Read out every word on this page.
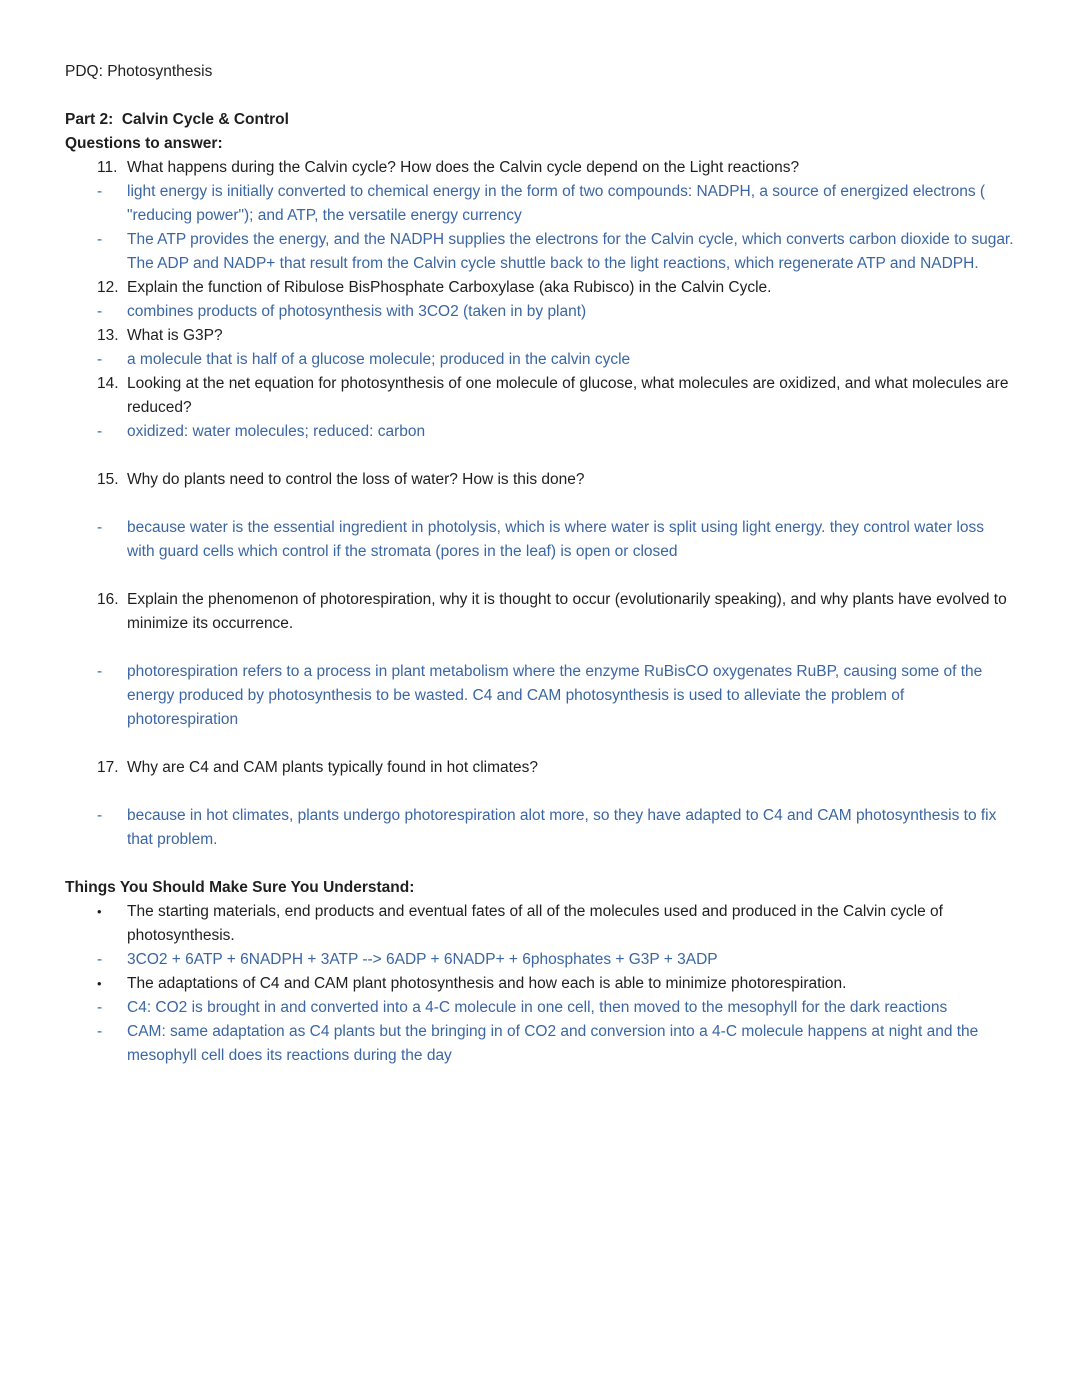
PDQ: Photosynthesis
Part 2:  Calvin Cycle & Control
Questions to answer:
11. What happens during the Calvin cycle? How does the Calvin cycle depend on the Light reactions?
-	light energy is initially converted to chemical energy in the form of two compounds: NADPH, a source of energized electrons ( "reducing power"); and ATP, the versatile energy currency
-	The ATP provides the energy, and the NADPH supplies the electrons for the Calvin cycle, which converts carbon dioxide to sugar. The ADP and NADP+ that result from the Calvin cycle shuttle back to the light reactions, which regenerate ATP and NADPH.
12. Explain the function of Ribulose BisPhosphate Carboxylase (aka Rubisco) in the Calvin Cycle.
-	combines products of photosynthesis with 3CO2 (taken in by plant)
13. What is G3P?
-	a molecule that is half of a glucose molecule; produced in the calvin cycle
14. Looking at the net equation for photosynthesis of one molecule of glucose, what molecules are oxidized, and what molecules are reduced?
-	oxidized: water molecules; reduced: carbon
15. Why do plants need to control the loss of water? How is this done?
-	because water is the essential ingredient in photolysis, which is where water is split using light energy. they control water loss with guard cells which control if the stromata (pores in the leaf) is open or closed
16. Explain the phenomenon of photorespiration, why it is thought to occur (evolutionarily speaking), and why plants have evolved to minimize its occurrence.
-	photorespiration refers to a process in plant metabolism where the enzyme RuBisCO oxygenates RuBP, causing some of the energy produced by photosynthesis to be wasted. C4 and CAM photosynthesis is used to alleviate the problem of photorespiration
17. Why are C4 and CAM plants typically found in hot climates?
-	because in hot climates, plants undergo photorespiration alot more, so they have adapted to C4 and CAM photosynthesis to fix that problem.
Things You Should Make Sure You Understand:
•	The starting materials, end products and eventual fates of all of the molecules used and produced in the Calvin cycle of photosynthesis.
-	3CO2 + 6ATP + 6NADPH + 3ATP --> 6ADP + 6NADP+ + 6phosphates + G3P + 3ADP
•	The adaptations of C4 and CAM plant photosynthesis and how each is able to minimize photorespiration.
-	C4: CO2 is brought in and converted into a 4-C molecule in one cell, then moved to the mesophyll for the dark reactions
-	CAM: same adaptation as C4 plants but the bringing in of CO2 and conversion into a 4-C molecule happens at night and the mesophyll cell does its reactions during the day
